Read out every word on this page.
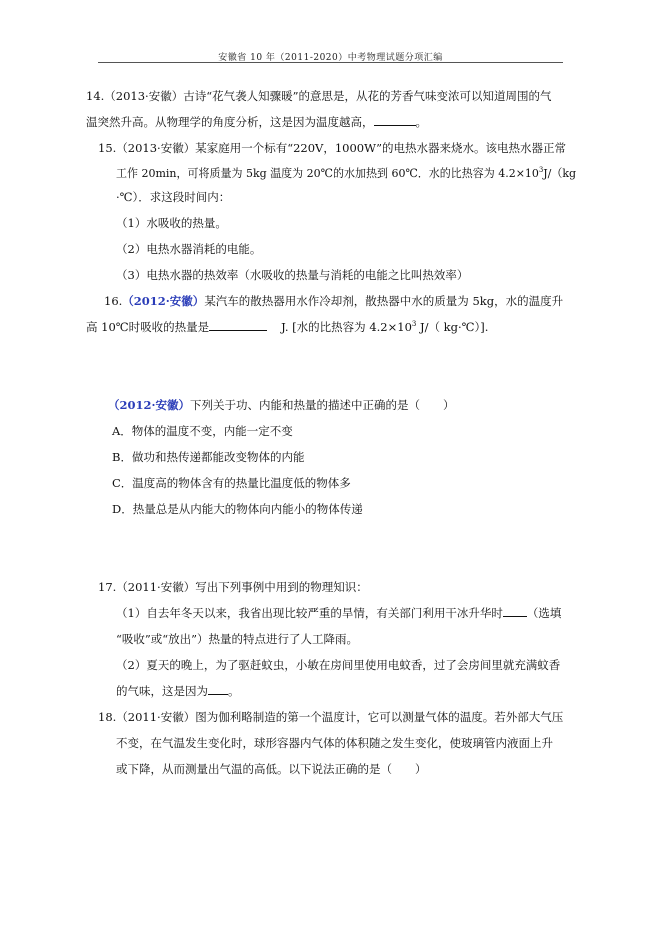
安徽省 10 年（2011-2020）中考物理试题分项汇编
14.（2013·安徽）古诗“花气袭人知骤暖”的意思是，从花的芳香气味变浓可以知道周围的气
温突然升高。从物理学的角度分析，这是因为温度越高，	。
15.（2013·安徽）某家庭用一个标有“220V，1000W”的电热水器来烧水。该电热水器正常
工作 20min，可将质量为 5kg 温度为 20℃的水加热到 60℃．水的比热容为 $4.2\times 10^3J/(kg$
·℃）．求这段时间内：
（1）水吸收的热量。
（2）电热水器消耗的电能。
（3）电热水器的热效率（水吸收的热量与消耗的电能之比叫热效率）
16.（2012·安徽）某汽车的散热器用水作冷却剂，散热器中水的质量为 5kg，水的温度升
高 10℃时吸收的热量是	J. [水的比热容为 $4.2\times 10^3$ J/（ kg·℃）].
（2012·安徽）下列关于功、内能和热量的描述中正确的是（　　）
A．物体的温度不变，内能一定不变
B．做功和热传递都能改变物体的内能
C．温度高的物体含有的热量比温度低的物体多
D．热量总是从内能大的物体向内能小的物体传递
17.（2011·安徽）写出下列事例中用到的物理知识：
（1）自去年冬天以来，我省出现比较严重的旱情，有关部门利用干冰升华时 （选填
“吸收”或“放出”）热量的特点进行了人工降雨。
（2）夏天的晚上，为了驱赶蚊虫，小敏在房间里使用电蚊香，过了会房间里就充满蚊香
的气味，这是因为 。
18.（2011·安徽）图为伽利略制造的第一个温度计，它可以测量气体的温度。若外部大气压
不变，在气温发生变化时，球形容器内气体的体积随之发生变化，使玻璃管内液面上升
或下降，从而测量出气温的高低。以下说法正确的是（　　）
